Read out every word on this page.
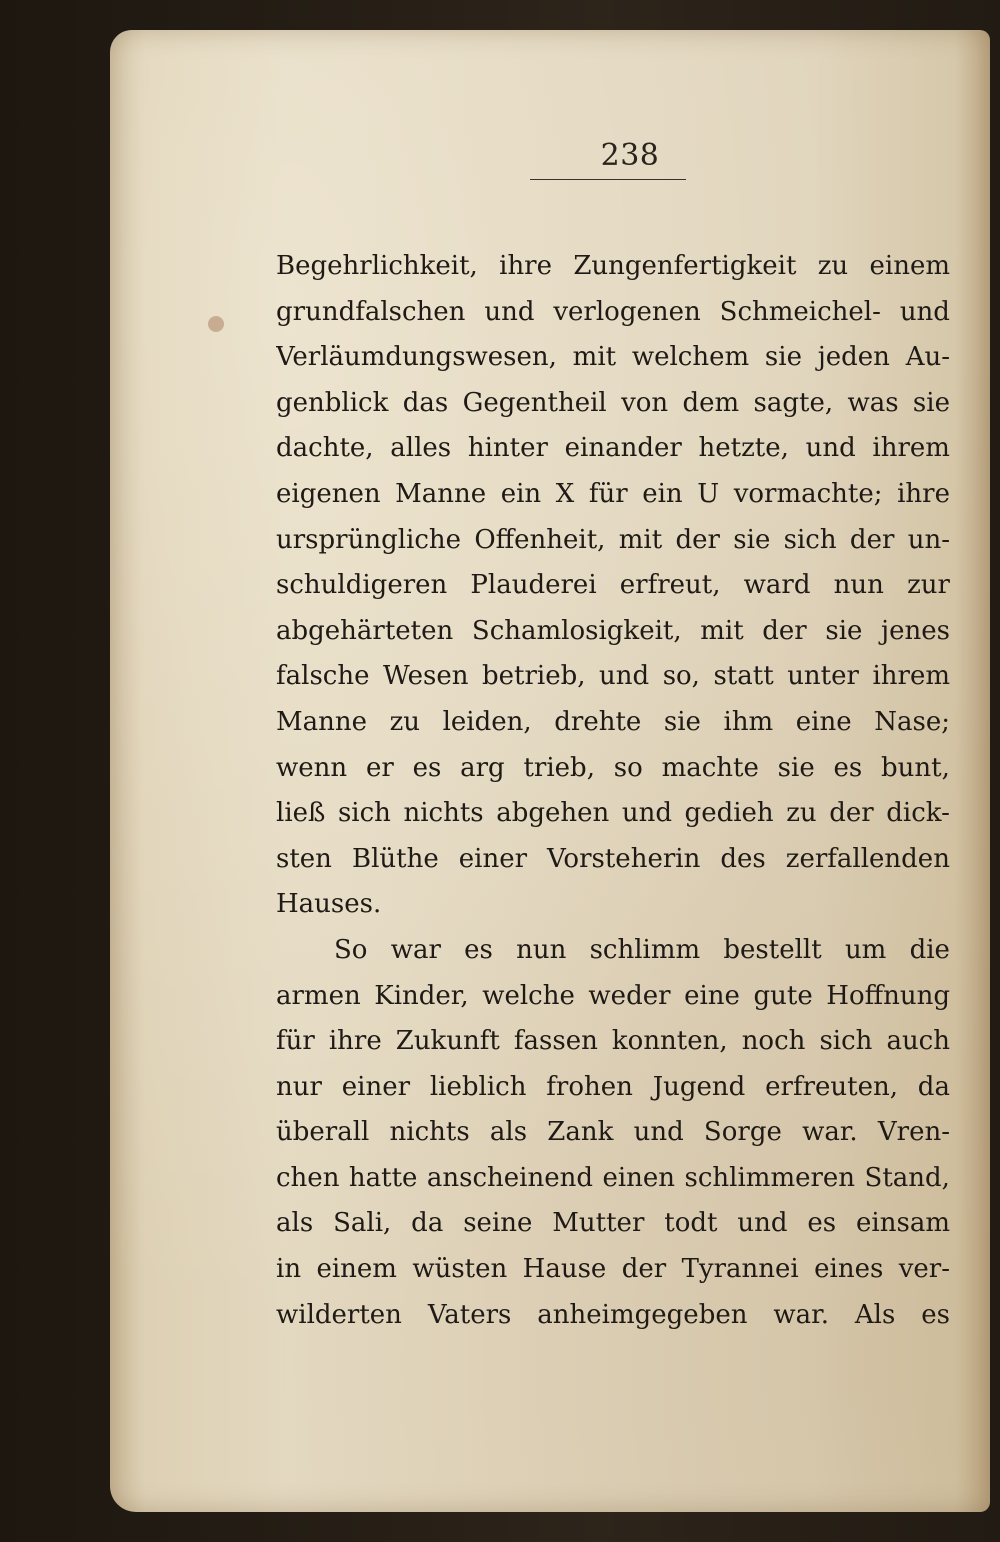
238
Begehrlichkeit, ihre Zungenfertigkeit zu einem
grundfalschen und verlogenen Schmeichel- und
Verläumdungswesen, mit welchem sie jeden Au-
genblick das Gegentheil von dem sagte, was sie
dachte, alles hinter einander hetzte, und ihrem
eigenen Manne ein X für ein U vormachte; ihre
ursprüngliche Offenheit, mit der sie sich der un-
schuldigeren Plauderei erfreut, ward nun zur
abgehärteten Schamlosigkeit, mit der sie jenes
falsche Wesen betrieb, und so, statt unter ihrem
Manne zu leiden, drehte sie ihm eine Nase;
wenn er es arg trieb, so machte sie es bunt,
ließ sich nichts abgehen und gedieh zu der dick-
sten Blüthe einer Vorsteherin des zerfallenden
Hauses.
So war es nun schlimm bestellt um die
armen Kinder, welche weder eine gute Hoffnung
für ihre Zukunft fassen konnten, noch sich auch
nur einer lieblich frohen Jugend erfreuten, da
überall nichts als Zank und Sorge war. Vren-
chen hatte anscheinend einen schlimmeren Stand,
als Sali, da seine Mutter todt und es einsam
in einem wüsten Hause der Tyrannei eines ver-
wilderten Vaters anheimgegeben war. Als es
